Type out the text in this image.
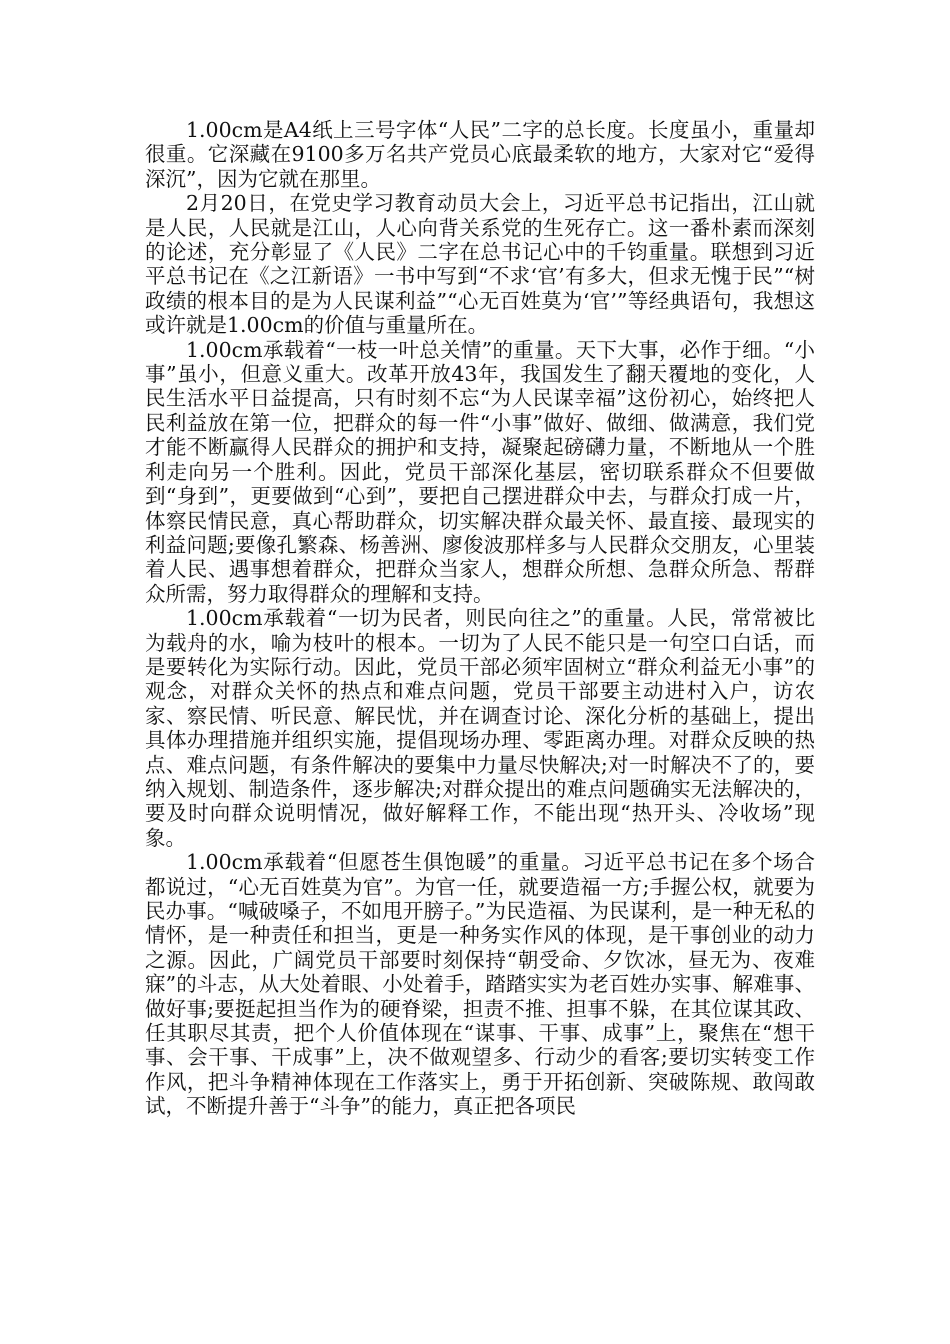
1.00cm是A4纸上三号字体“人民”二字的总长度。长度虽小，重量却很重。它深藏在9100多万名共产党员心底最柔软的地方，大家对它“爱得深沉”，因为它就在那里。

2月20日，在党史学习教育动员大会上，习近平总书记指出，江山就是人民，人民就是江山，人心向背关系党的生死存亡。这一番朴素而深刻的论述，充分彰显了《人民》二字在总书记心中的千钧重量。联想到习近平总书记在《之江新语》一书中写到“不求‘官’有多大，但求无愧于民”“树政绩的根本目的是为人民谋利益”“心无百姓莫为‘官’”等经典语句，我想这或许就是1.00cm的价值与重量所在。

1.00cm承载着“一枝一叶总关情”的重量。天下大事，必作于细。“小事”虽小，但意义重大。改革开放43年，我国发生了翻天覆地的变化，人民生活水平日益提高，只有时刻不忘“为人民谋幸福”这份初心，始终把人民利益放在第一位，把群众的每一件“小事”做好、做细、做满意，我们党才能不断赢得人民群众的拥护和支持，凝聚起磅礴力量，不断地从一个胜利走向另一个胜利。因此，党员干部深化基层，密切联系群众不但要做到“身到”，更要做到“心到”，要把自己摆进群众中去，与群众打成一片，体察民情民意，真心帮助群众，切实解决群众最关怀、最直接、最现实的利益问题;要像孔繁森、杨善洲、廖俊波那样多与人民群众交朋友，心里装着人民、遇事想着群众，把群众当家人，想群众所想、急群众所急、帮群众所需，努力取得群众的理解和支持。

1.00cm承载着“一切为民者，则民向往之”的重量。人民，常常被比为载舟的水，喻为枝叶的根本。一切为了人民不能只是一句空口白话，而是要转化为实际行动。因此，党员干部必须牢固树立“群众利益无小事”的观念，对群众关怀的热点和难点问题，党员干部要主动进村入户，访农家、察民情、听民意、解民忧，并在调查讨论、深化分析的基础上，提出具体办理措施并组织实施，提倡现场办理、零距离办理。对群众反映的热点、难点问题，有条件解决的要集中力量尽快解决;对一时解决不了的，要纳入规划、制造条件，逐步解决;对群众提出的难点问题确实无法解决的，要及时向群众说明情况，做好解释工作，不能出现“热开头、冷收场”现象。

1.00cm承载着“但愿苍生俱饱暖”的重量。习近平总书记在多个场合都说过，“心无百姓莫为官”。为官一任，就要造福一方;手握公权，就要为民办事。“喊破嗓子，不如甩开膀子。”为民造福、为民谋利，是一种无私的情怀，是一种责任和担当，更是一种务实作风的体现，是干事创业的动力之源。因此，广阔党员干部要时刻保持“朝受命、夕饮冰，昼无为、夜难寐”的斗志，从大处着眼、小处着手，踏踏实实为老百姓办实事、解难事、做好事;要挺起担当作为的硬脊梁，担责不推、担事不躲，在其位谋其政、任其职尽其责，把个人价值体现在“谋事、干事、成事”上，聚焦在“想干事、会干事、干成事”上，决不做观望多、行动少的看客;要切实转变工作作风，把斗争精神体现在工作落实上，勇于开拓创新、突破陈规、敢闯敢试，不断提升善于“斗争”的能力，真正把各项民
